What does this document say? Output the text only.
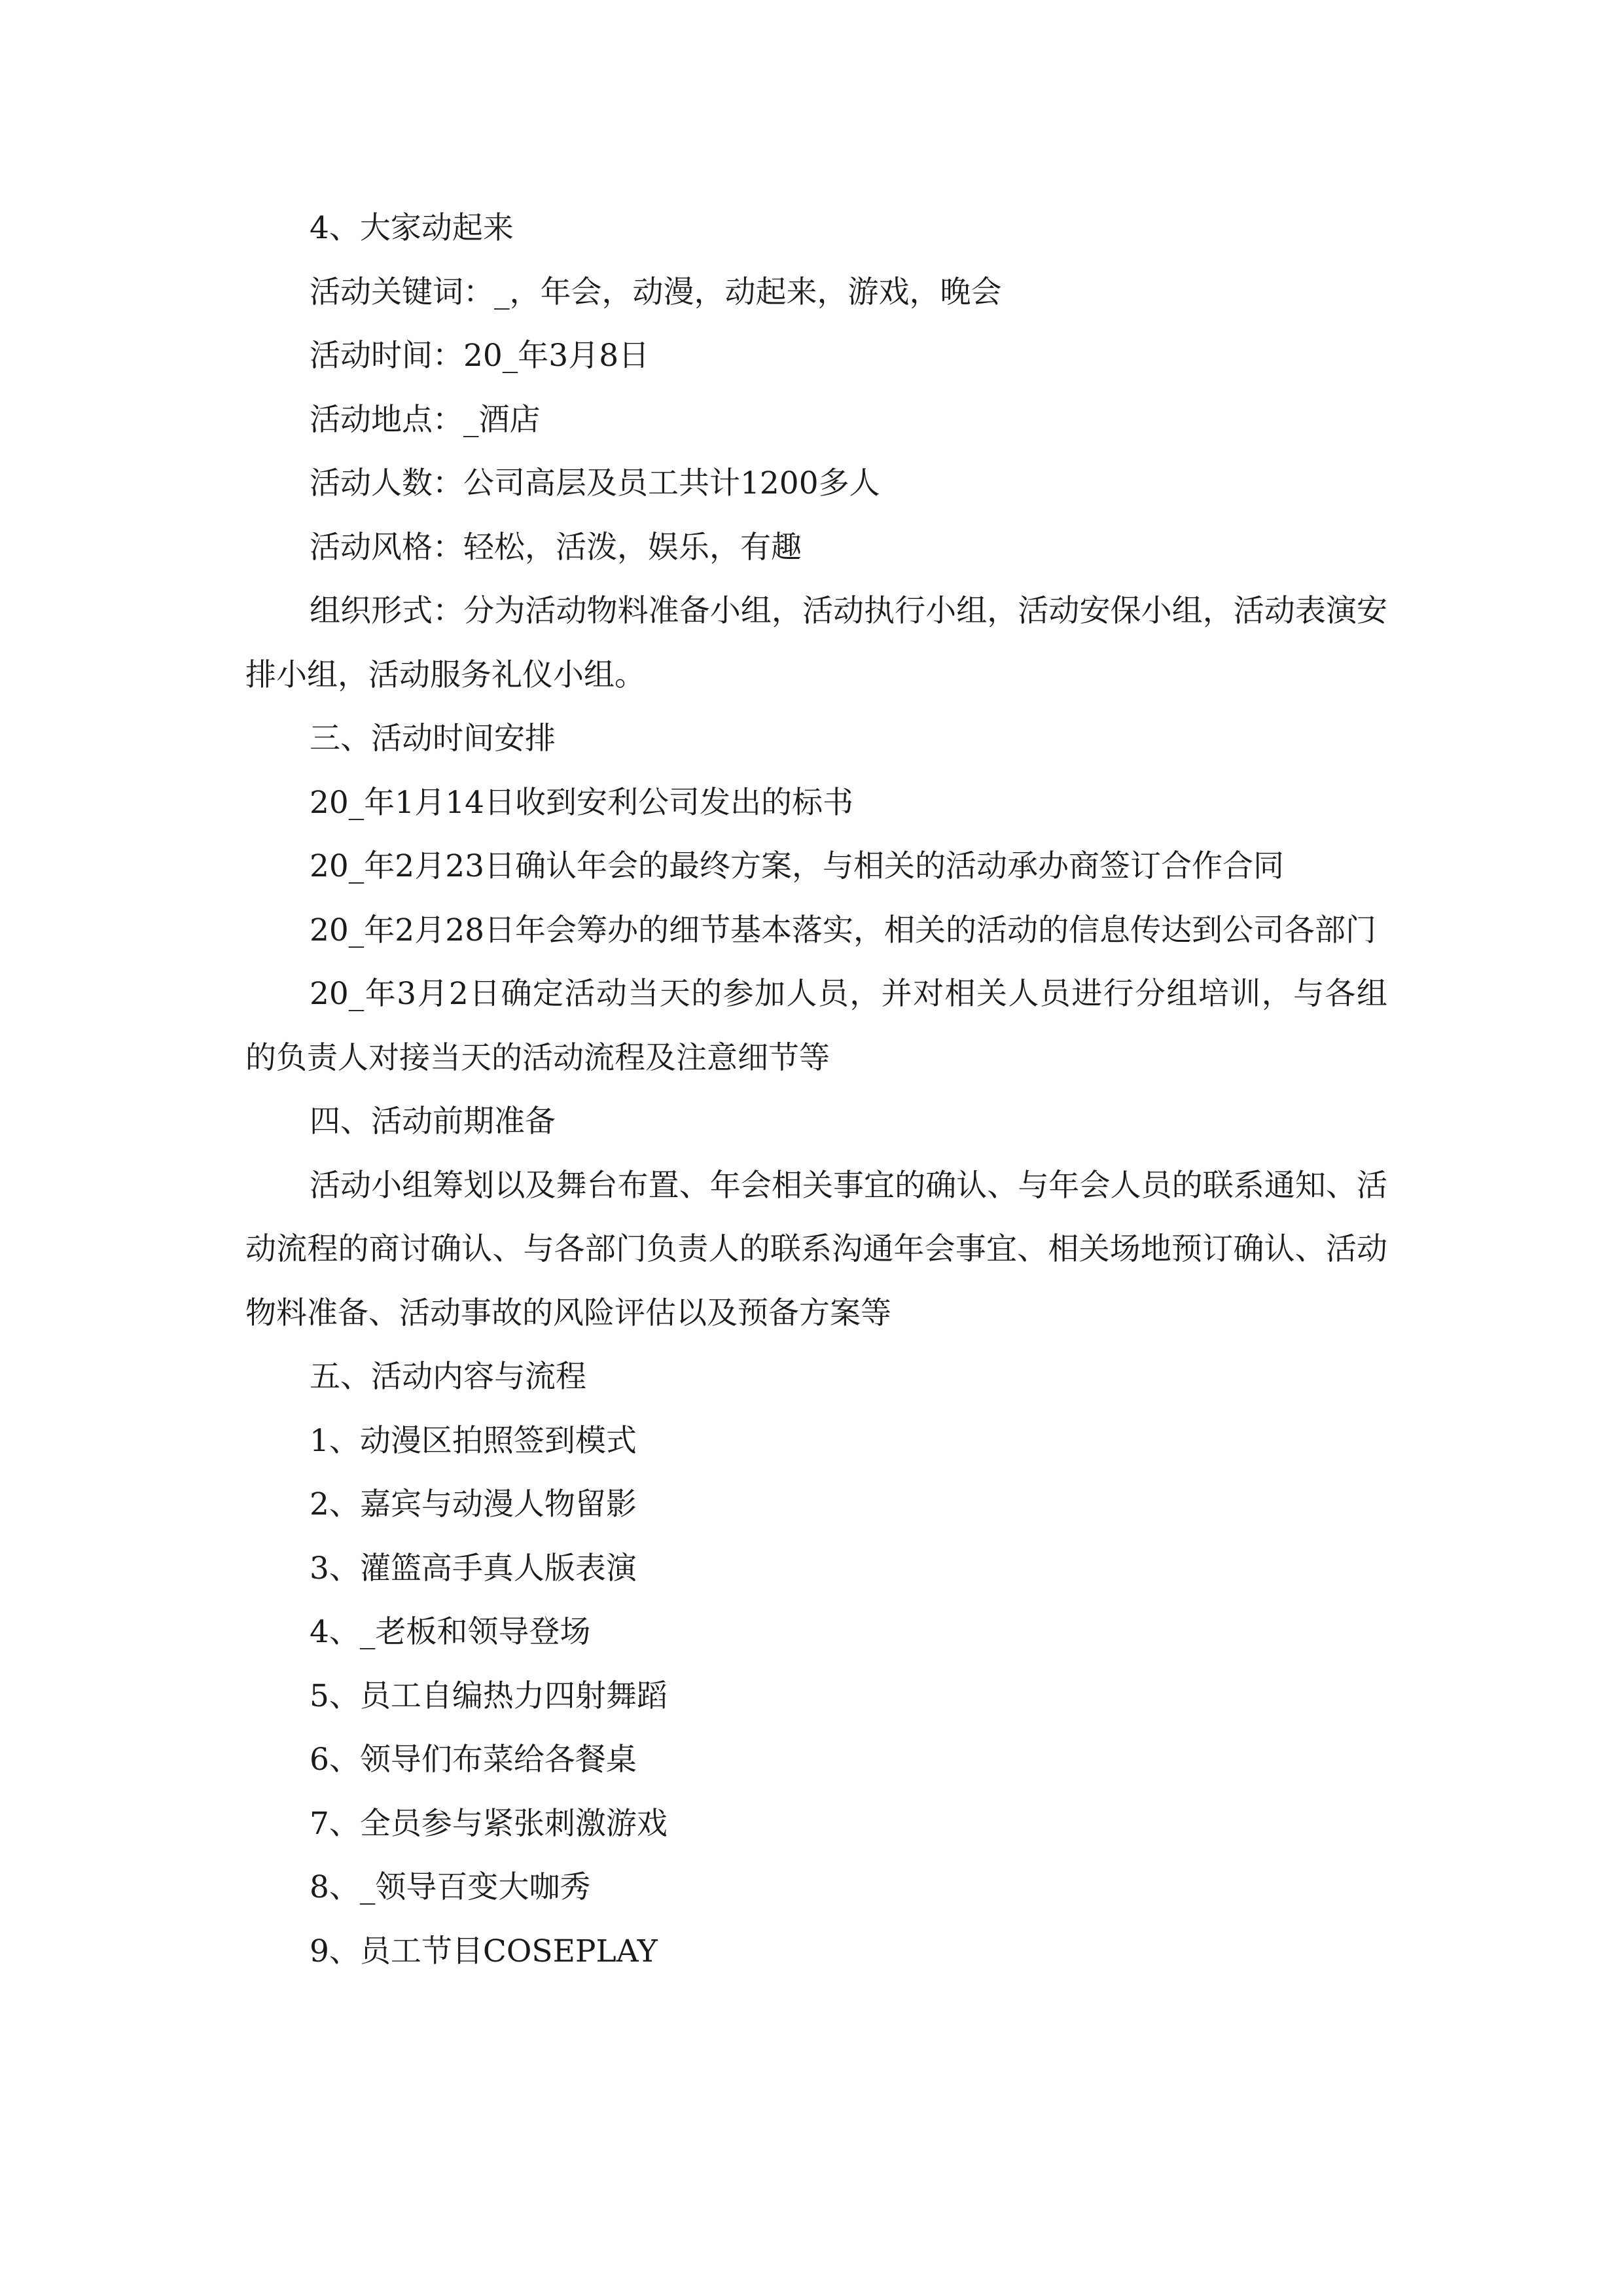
4、大家动起来

活动关键词：_，年会，动漫，动起来，游戏，晚会

活动时间：20_年3月8日

活动地点：_酒店

活动人数：公司高层及员工共计1200多人

活动风格：轻松，活泼，娱乐，有趣

组织形式：分为活动物料准备小组，活动执行小组，活动安保小组，活动表演安排小组，活动服务礼仪小组。

三、活动时间安排

20_年1月14日收到安利公司发出的标书

20_年2月23日确认年会的最终方案，与相关的活动承办商签订合作合同

20_年2月28日年会筹办的细节基本落实，相关的活动的信息传达到公司各部门

20_年3月2日确定活动当天的参加人员，并对相关人员进行分组培训，与各组的负责人对接当天的活动流程及注意细节等

四、活动前期准备

活动小组筹划以及舞台布置、年会相关事宜的确认、与年会人员的联系通知、活动流程的商讨确认、与各部门负责人的联系沟通年会事宜、相关场地预订确认、活动物料准备、活动事故的风险评估以及预备方案等

五、活动内容与流程

1、动漫区拍照签到模式

2、嘉宾与动漫人物留影

3、灌篮高手真人版表演

4、_老板和领导登场

5、员工自编热力四射舞蹈

6、领导们布菜给各餐桌

7、全员参与紧张刺激游戏

8、_领导百变大咖秀

9、员工节目COSEPLAY
